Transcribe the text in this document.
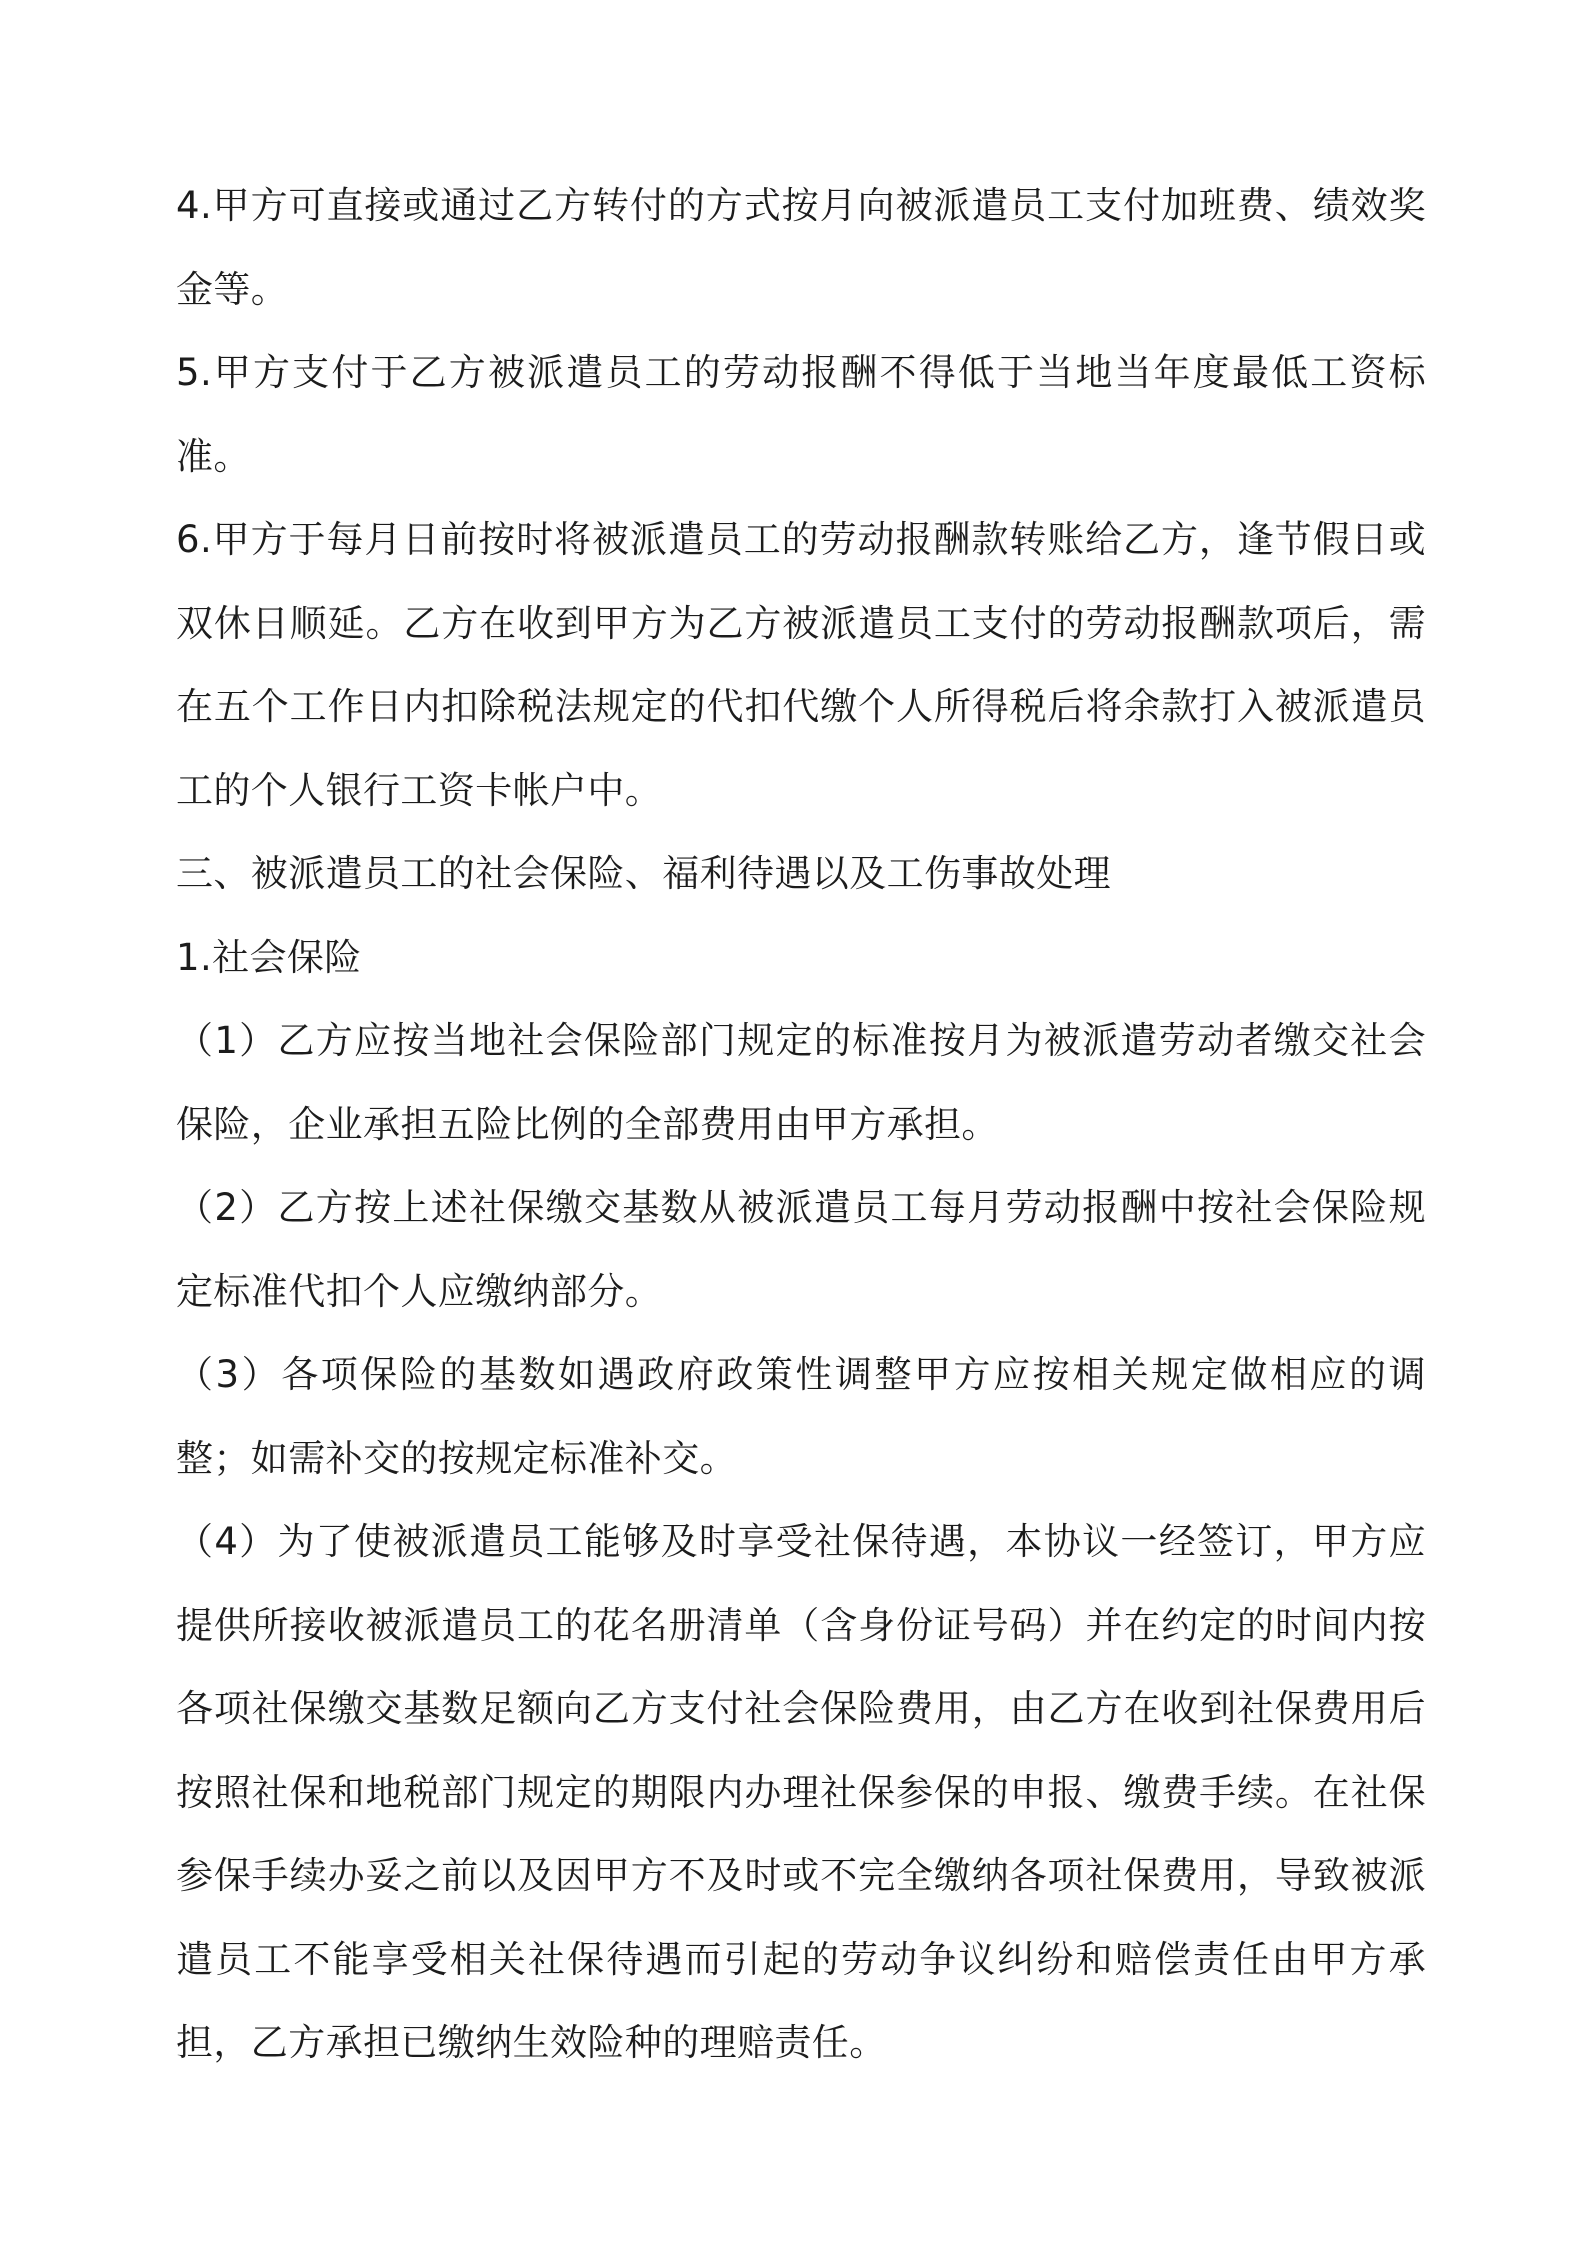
4.甲方可直接或通过乙方转付的方式按月向被派遣员工支付加班费、绩效奖金等。

5.甲方支付于乙方被派遣员工的劳动报酬不得低于当地当年度最低工资标准。

6.甲方于每月日前按时将被派遣员工的劳动报酬款转账给乙方，逢节假日或双休日顺延。乙方在收到甲方为乙方被派遣员工支付的劳动报酬款项后，需在五个工作日内扣除税法规定的代扣代缴个人所得税后将余款打入被派遣员工的个人银行工资卡帐户中。

三、被派遣员工的社会保险、福利待遇以及工伤事故处理

1.社会保险

（1）乙方应按当地社会保险部门规定的标准按月为被派遣劳动者缴交社会保险，企业承担五险比例的全部费用由甲方承担。

（2）乙方按上述社保缴交基数从被派遣员工每月劳动报酬中按社会保险规定标准代扣个人应缴纳部分。

（3）各项保险的基数如遇政府政策性调整甲方应按相关规定做相应的调整；如需补交的按规定标准补交。

（4）为了使被派遣员工能够及时享受社保待遇，本协议一经签订，甲方应提供所接收被派遣员工的花名册清单（含身份证号码）并在约定的时间内按各项社保缴交基数足额向乙方支付社会保险费用，由乙方在收到社保费用后按照社保和地税部门规定的期限内办理社保参保的申报、缴费手续。在社保参保手续办妥之前以及因甲方不及时或不完全缴纳各项社保费用，导致被派遣员工不能享受相关社保待遇而引起的劳动争议纠纷和赔偿责任由甲方承担，乙方承担已缴纳生效险种的理赔责任。
